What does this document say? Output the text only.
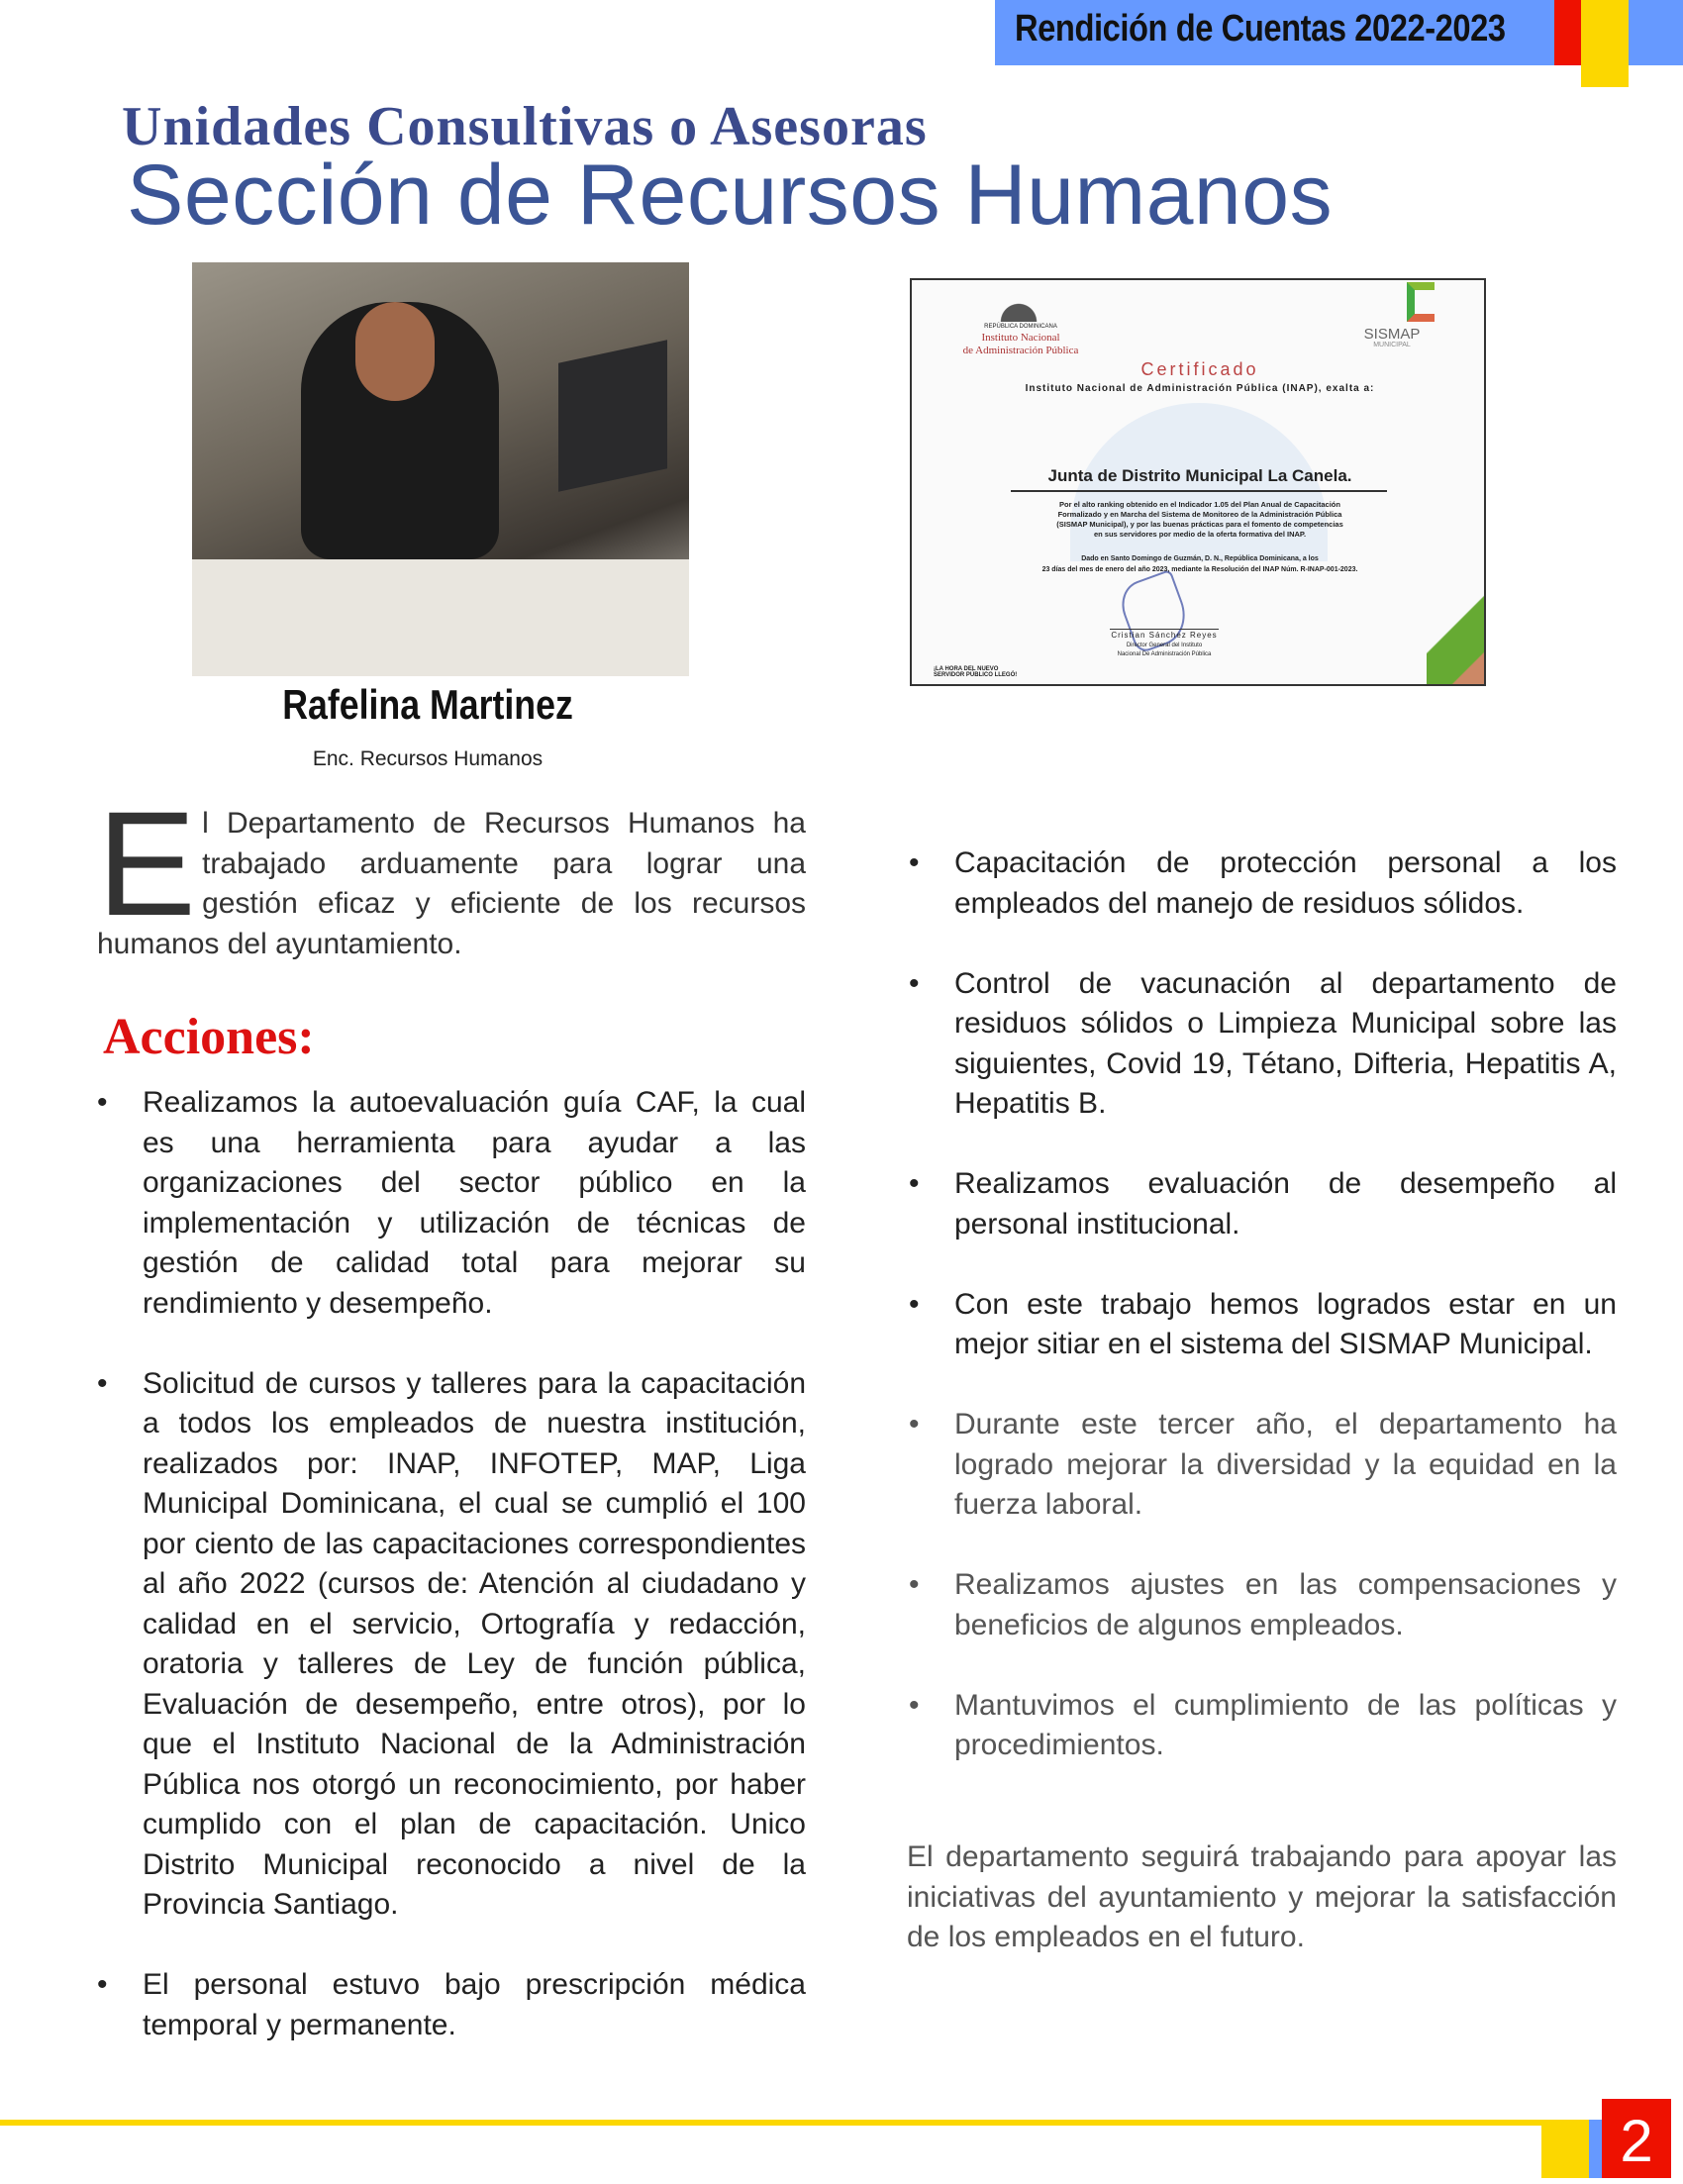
Rendición de Cuentas 2022-2023
Unidades Consultivas o Asesoras
Sección de Recursos Humanos
Rafelina Martinez
Enc. Recursos Humanos
REPÚBLICA DOMINICANA
Instituto Nacional
de Administración Pública
SISMAP
MUNICIPAL
Certificado
Instituto Nacional de Administración Pública (INAP), exalta a:
Junta de Distrito Municipal La Canela.
Por el alto ranking obtenido en el Indicador 1.05 del Plan Anual de Capacitación
Formalizado y en Marcha del Sistema de Monitoreo de la Administración Pública
(SISMAP Municipal), y por las buenas prácticas para el fomento de competencias
en sus servidores por medio de la oferta formativa del INAP.
Dado en Santo Domingo de Guzmán, D. N., República Dominicana, a los
23 días del mes de enero del año 2023, mediante la Resolución del INAP Núm. R-INAP-001-2023.
Cristian Sánchez Reyes
Director General del Instituto
Nacional De Administración Pública
¡LA HORA DEL NUEVO
SERVIDOR PÚBLICO LLEGÓ!
El Departamento de Recursos Humanos ha trabajado arduamente para lograr una gestión eficaz y eficiente de los recursos humanos del ayuntamiento.
Acciones:
• Realizamos la autoevaluación guía CAF, la cual es una herramienta para ayudar a las organizaciones del sector público en la implementación y utilización de técnicas de gestión de calidad total para mejorar su rendimiento y desempeño.
• Solicitud de cursos y talleres para la capacitación a todos los empleados de nuestra institución, realizados por: INAP, INFOTEP, MAP, Liga Municipal Dominicana, el cual se cumplió el 100 por ciento de las capacitaciones correspondientes al año 2022 (cursos de: Atención al ciudadano y calidad en el servicio, Ortografía y redacción, oratoria y talleres de Ley de función pública, Evaluación de desempeño, entre otros), por lo que el Instituto Nacional de la Administración Pública nos otorgó un reconocimiento, por haber cumplido con el plan de capacitación. Unico Distrito Municipal reconocido a nivel de la Provincia Santiago.
• El personal estuvo bajo prescripción médica temporal y permanente.
• Capacitación de protección personal a los empleados del manejo de residuos sólidos.
• Control de vacunación al departamento de residuos sólidos o Limpieza Municipal sobre las siguientes, Covid 19, Tétano, Difteria, Hepatitis A, Hepatitis B.
• Realizamos evaluación de desempeño al personal institucional.
• Con este trabajo hemos logrados estar en un mejor sitiar en el sistema del SISMAP Municipal.
• Durante este tercer año, el departamento ha logrado mejorar la diversidad y la equidad en la fuerza laboral.
• Realizamos ajustes en las compensaciones y beneficios de algunos empleados.
• Mantuvimos el cumplimiento de las políticas y procedimientos.
El departamento seguirá trabajando para apoyar las iniciativas del ayuntamiento y mejorar la satisfacción de los empleados en el futuro.
2
